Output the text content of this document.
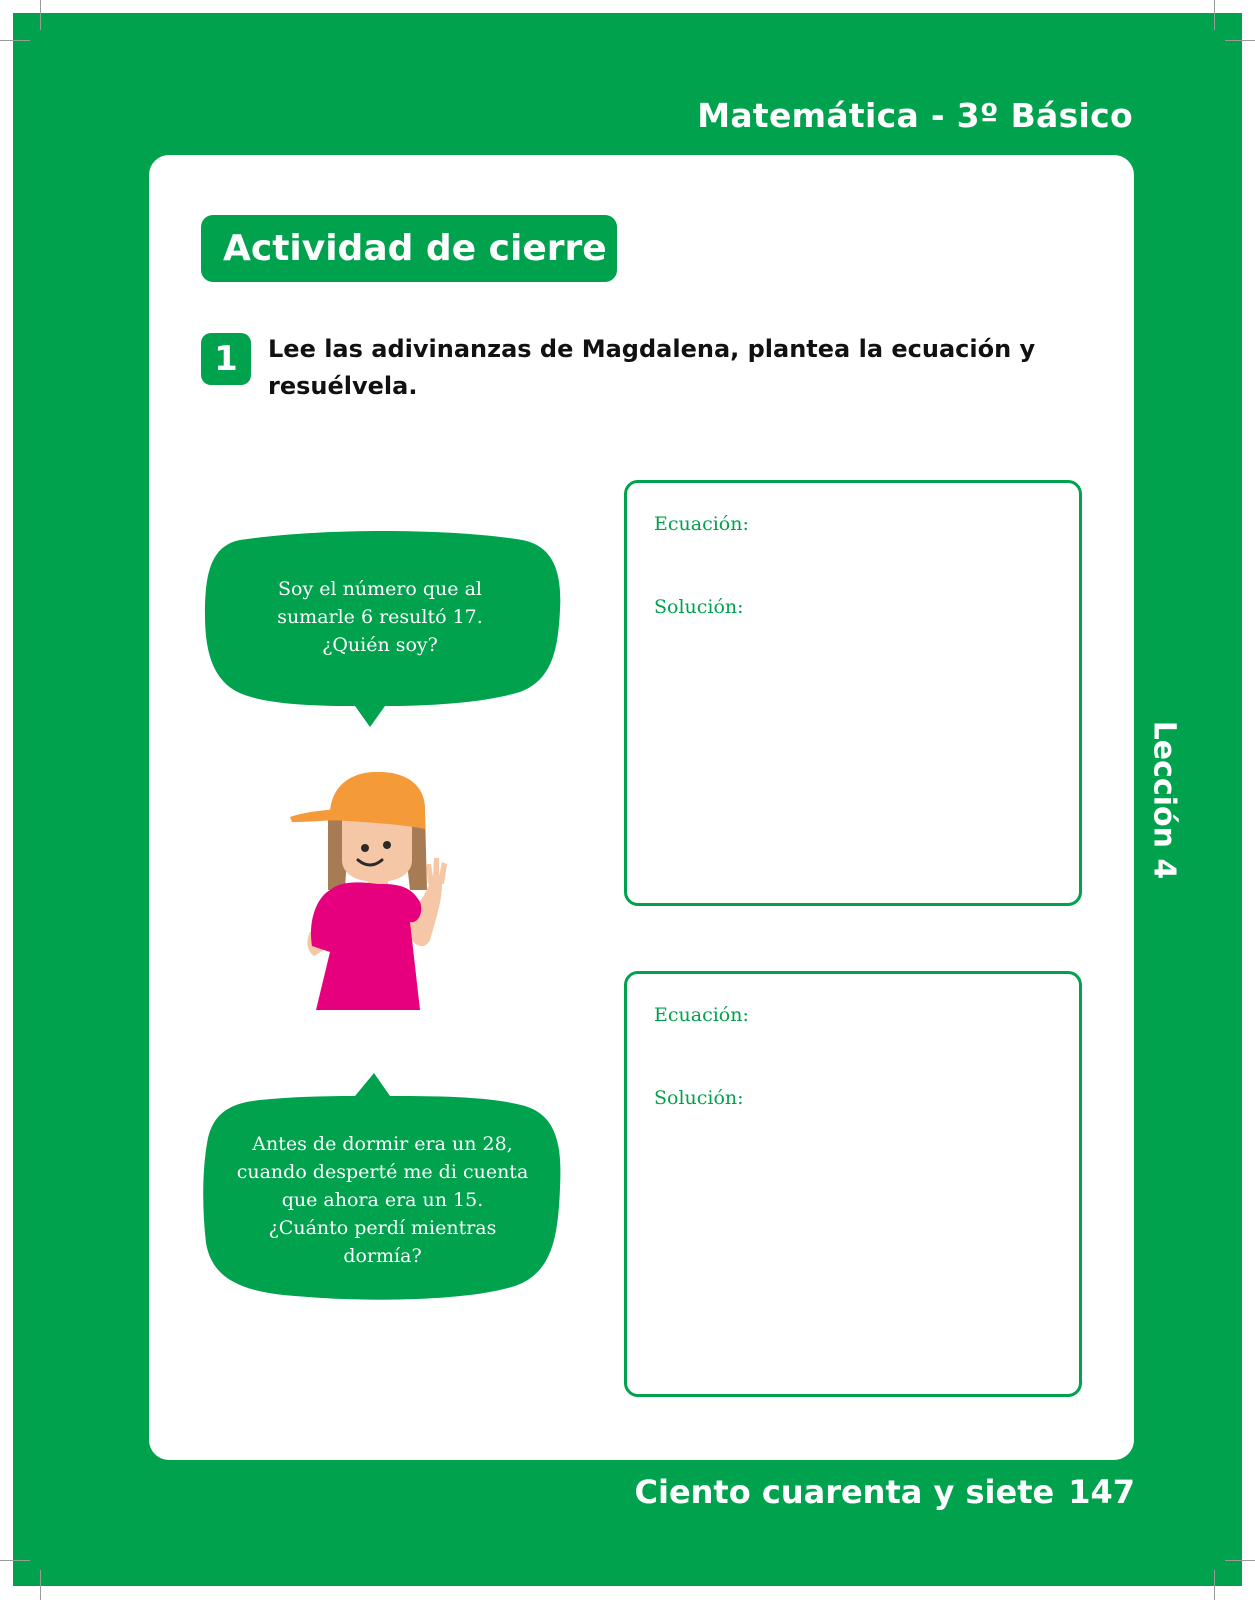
Matemática - 3º Básico
Actividad de cierre
1	Lee las adivinanzas de Magdalena, plantea la ecuación y resuélvela.
Soy el número que al
sumarle 6 resultó 17.
¿Quién soy?
Antes de dormir era un 28,
cuando desperté me di cuenta
que ahora era un 15.
¿Cuánto perdí mientras
dormía?
Ecuación:
Solución:
Ecuación:
Solución:
Lección 4
Ciento cuarenta y siete 147
